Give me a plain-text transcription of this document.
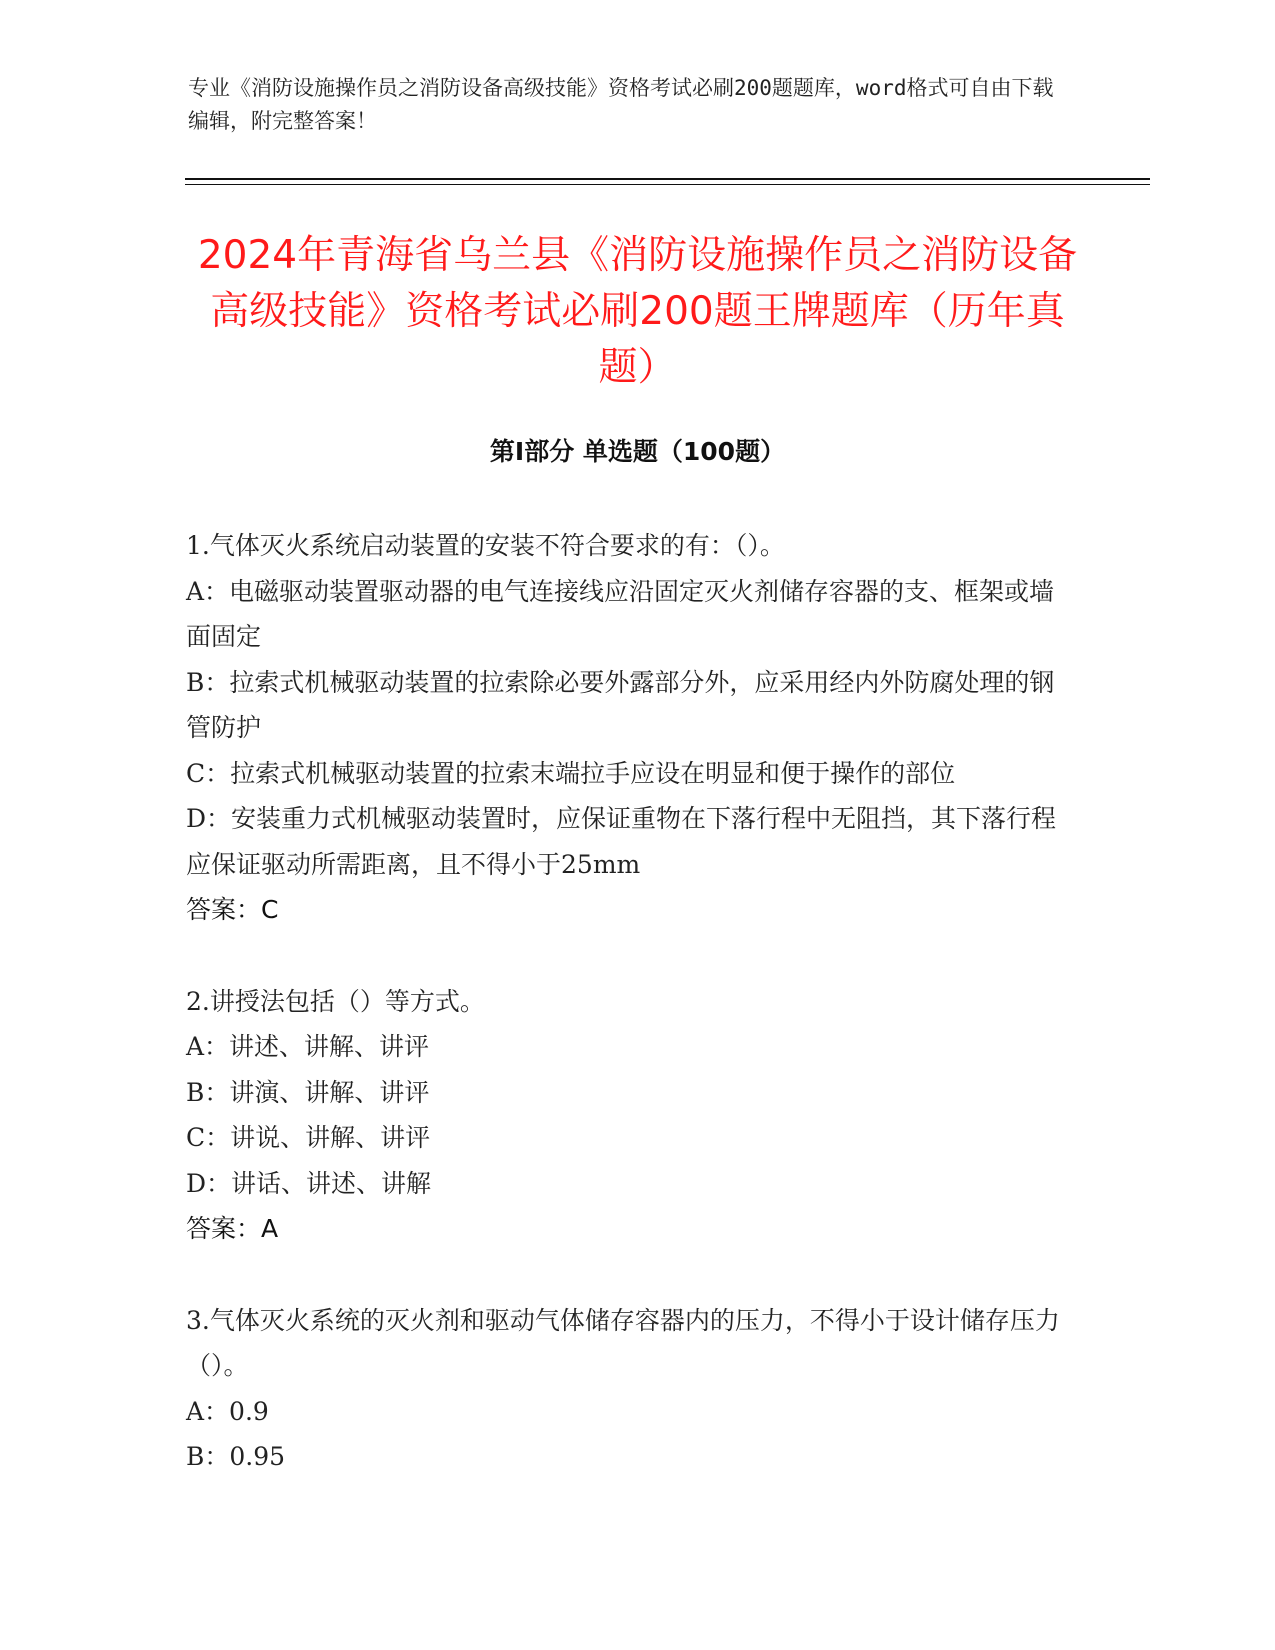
专业《消防设施操作员之消防设备高级技能》资格考试必刷200题题库，word格式可自由下载编辑，附完整答案！
2024年青海省乌兰县《消防设施操作员之消防设备高级技能》资格考试必刷200题王牌题库（历年真题）
第Ⅰ部分 单选题（100题）

1.气体灭火系统启动装置的安装不符合要求的有：（）。

A：电磁驱动装置驱动器的电气连接线应沿固定灭火剂储存容器的支、框架或墙面固定

B：拉索式机械驱动装置的拉索除必要外露部分外，应采用经内外防腐处理的钢管防护

C：拉索式机械驱动装置的拉索末端拉手应设在明显和便于操作的部位

D：安装重力式机械驱动装置时，应保证重物在下落行程中无阻挡，其下落行程应保证驱动所需距离，且不得小于25mm

答案：C

2.讲授法包括（）等方式。

A：讲述、讲解、讲评

B：讲演、讲解、讲评

C：讲说、讲解、讲评

D：讲话、讲述、讲解

答案：A

3.气体灭火系统的灭火剂和驱动气体储存容器内的压力，不得小于设计储存压力（）。

A：0.9

B：0.95
